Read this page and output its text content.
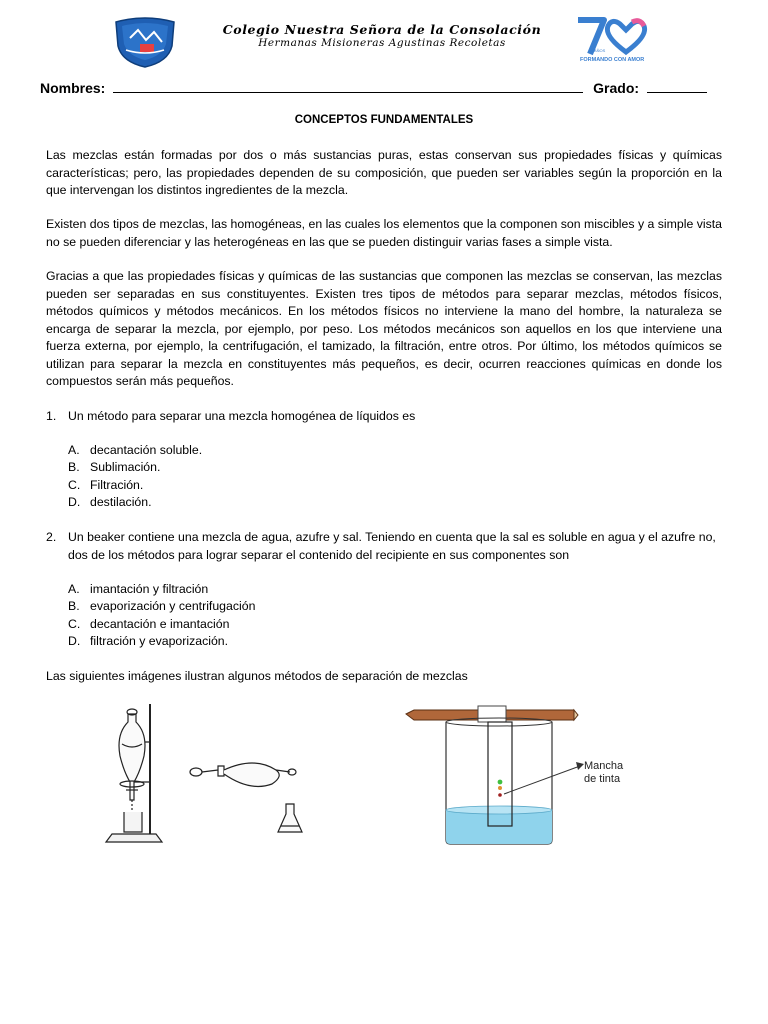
Colegio Nuestra Señora de la Consolación
Hermanas Misioneras Agustinas Recoletas
AÑOS
FORMANDO CON AMOR
Nombres:	Grado:
CONCEPTOS FUNDAMENTALES

Las mezclas están formadas por dos o más sustancias puras, estas conservan sus propiedades físicas y químicas características; pero, las propiedades dependen de su composición, que pueden ser variables según la proporción en la que intervengan los distintos ingredientes de la mezcla.

Existen dos tipos de mezclas, las homogéneas, en las cuales los elementos que la componen son miscibles y a simple vista no se pueden diferenciar y las heterogéneas en las que se pueden distinguir varias fases a simple vista.

Gracias a que las propiedades físicas y químicas de las sustancias que componen las mezclas se conservan, las mezclas pueden ser separadas en sus constituyentes. Existen tres tipos de métodos para separar mezclas, métodos físicos, métodos químicos y métodos mecánicos. En los métodos físicos no interviene la mano del hombre, la naturaleza se encarga de separar la mezcla, por ejemplo, por peso. Los métodos mecánicos son aquellos en los que interviene una fuerza externa, por ejemplo, la centrifugación, el tamizado, la filtración, entre otros. Por último, los métodos químicos se utilizan para separar la mezcla en constituyentes más pequeños, es decir, ocurren reacciones químicas en donde los compuestos serán más pequeños.

1. Un método para separar una mezcla homogénea de líquidos es

A. decantación soluble.
B. Sublimación.
C. Filtración.
D. destilación.
2. Un beaker contiene una mezcla de agua, azufre y sal. Teniendo en cuenta que la sal es soluble en agua y el azufre no, dos de los métodos para lograr separar el contenido del recipiente en sus componentes son

A. imantación y filtración
B. evaporización y centrifugación
C. decantación e imantación
D. filtración y evaporización.

Las siguientes imágenes ilustran algunos métodos de separación de mezclas

Mancha
de tinta
